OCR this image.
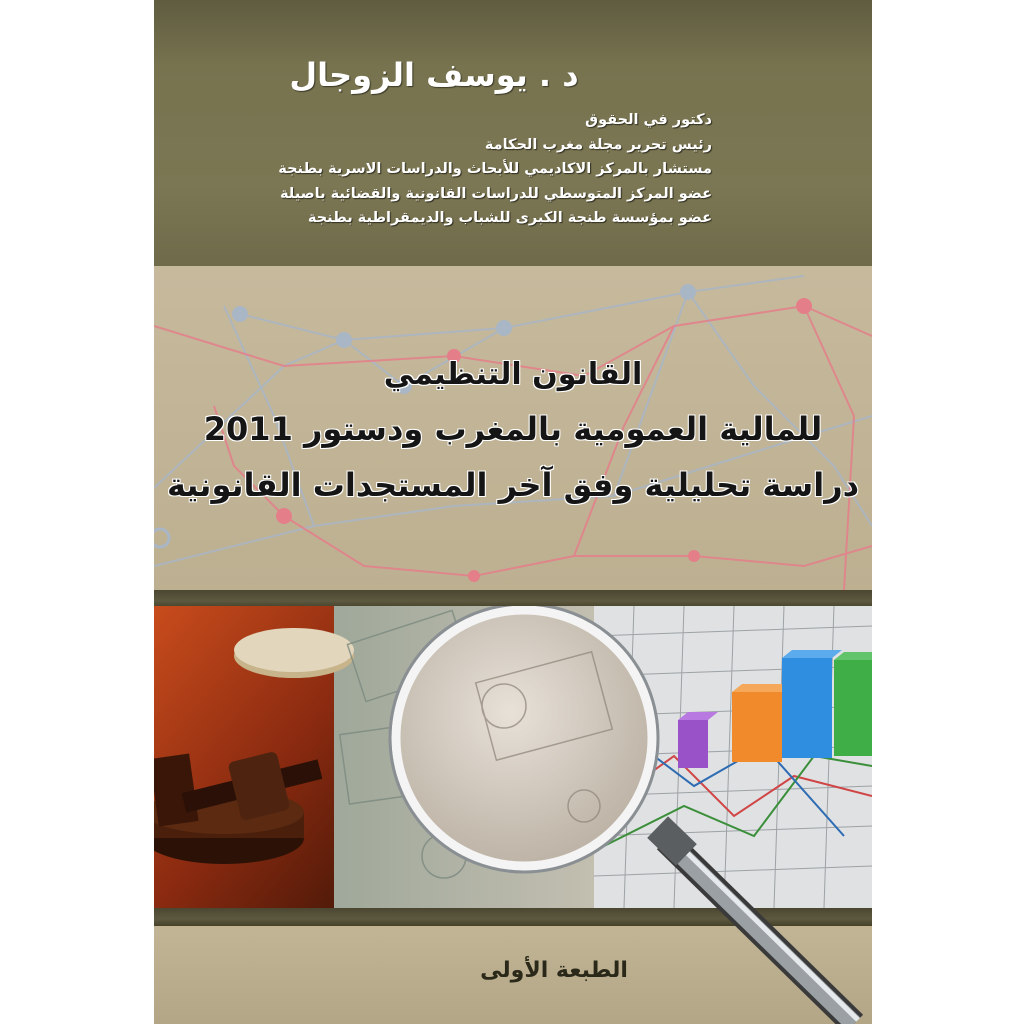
د . يوسف الزوجال
دكتور في الحقوق
رئيس تحرير مجلة مغرب الحكامة
مستشار بالمركز الاكاديمي للأبحاث والدراسات الاسرية بطنجة
عضو المركز المتوسطي للدراسات القانونية والقضائية باصيلة
عضو بمؤسسة طنجة الكبرى للشباب والديمقراطية بطنجة
القانون التنظيمي
للمالية العمومية بالمغرب ودستور 2011
دراسة تحليلية وفق آخر المستجدات القانونية
الطبعة الأولى
